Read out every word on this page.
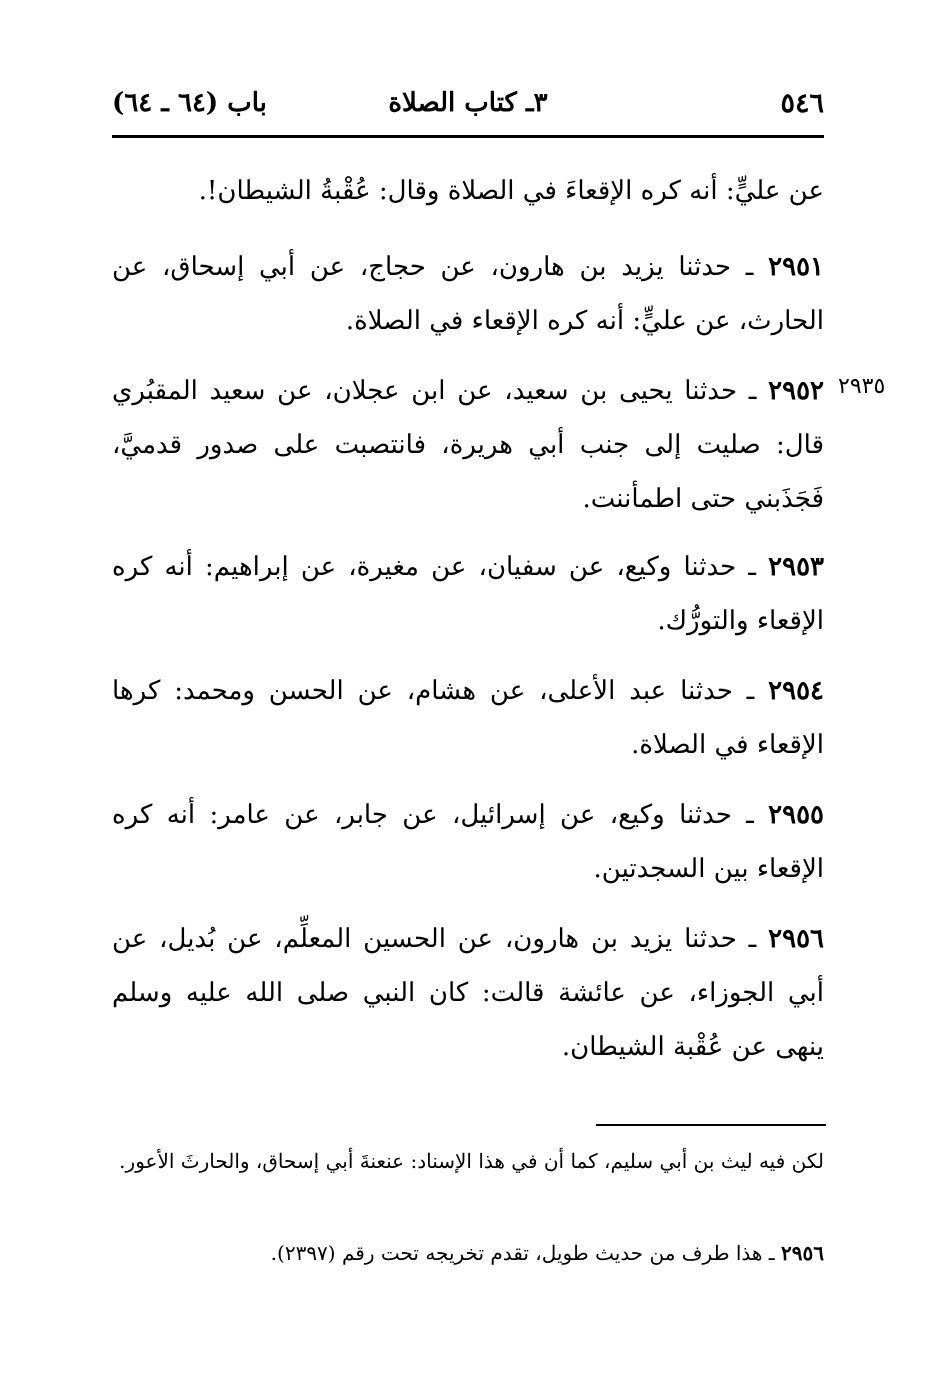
٥٤٦
٣ـ كتاب الصلاة
باب (٦٤ ـ ٦٤)
٢٩٣٥
عن عليٍّ: أنه كره الإقعاءَ في الصلاة وقال: عُقْبةُ الشيطان!.
٢٩٥١ ـ حدثنا يزيد بن هارون، عن حجاج، عن أبي إسحاق، عن الحارث، عن عليٍّ: أنه كره الإقعاء في الصلاة.
٢٩٥٢ ـ حدثنا يحيى بن سعيد، عن ابن عجلان، عن سعيد المقبُري قال: صليت إلى جنب أبي هريرة، فانتصبت على صدور قدميَّ، فَجَذَبني حتى اطمأننت.
٢٩٥٣ ـ حدثنا وكيع، عن سفيان، عن مغيرة، عن إبراهيم: أنه كره الإقعاء والتورُّك.
٢٩٥٤ ـ حدثنا عبد الأعلى، عن هشام، عن الحسن ومحمد: كرها الإقعاء في الصلاة.
٢٩٥٥ ـ حدثنا وكيع، عن إسرائيل، عن جابر، عن عامر: أنه كره الإقعاء بين السجدتين.
٢٩٥٦ ـ حدثنا يزيد بن هارون، عن الحسين المعلِّم، عن بُديل، عن أبي الجوزاء، عن عائشة قالت: كان النبي صلى الله عليه وسلم ينهى عن عُقْبة الشيطان.
لكن فيه ليث بن أبي سليم، كما أن في هذا الإسناد: عنعنةَ أبي إسحاق، والحارثَ الأعور.
٢٩٥٦ ـ هذا طرف من حديث طويل، تقدم تخريجه تحت رقم (٢٣٩٧).
